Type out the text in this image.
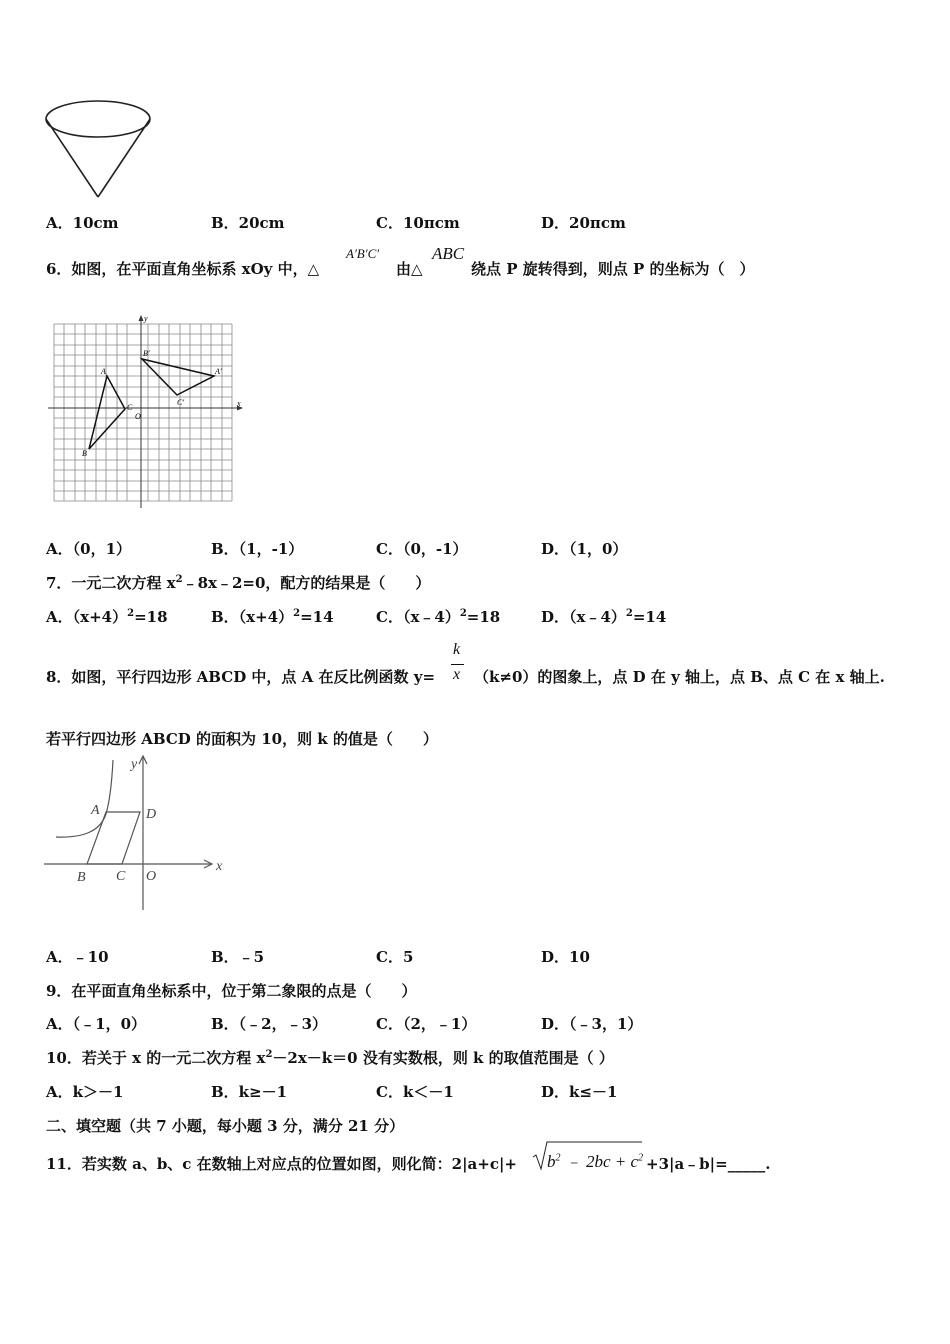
A．10cm	B．20cm	C．10πcm	D．20πcm
6．如图，在平面直角坐标系 xOy 中，△
A′B′C′
由△
ABC
绕点 P 旋转得到，则点 P 的坐标为（　）
A
B
C
O
A′
B′
C′	x
y
A．（0，1）	B．（1，-1）	C．（0，-1）	D．（1，0）
7．一元二次方程 $x^2﹣8x﹣2=0$，配方的结果是（　　）
A．$(x+4)^2=18$	B．$(x+4)^2=14$	C．（x﹣4）$^2$=18	D．（x﹣4）$^2$=14
8．如图，平行四边形 ABCD 中，点 A 在反比例函数 y=
k
x （k≠0）的图象上，点 D 在 y 轴上，点 B、点 C 在 x 轴上.
若平行四边形 ABCD 的面积为 10，则 k 的值是（　　）
A	D
B C O
x
y
A．﹣10	B．﹣5	C．5	D．10
9．在平面直角坐标系中，位于第二象限的点是（　　）
A．（﹣1，0）	B．（﹣2，﹣3）	C．（2，﹣1）	D．（﹣3，1）
10．若关于 x 的一元二次方程 $x^2-2x-k=0$ 没有实数根，则 k 的取值范围是（ ）
A．k＞－1	B．k≥－1	C．k＜－1	D．k≤－1
二、填空题（共 7 小题，每小题 3 分，满分 21 分）
11．若实数 a、b、c 在数轴上对应点的位置如图，则化简：$2|a+c|+ b^2$ ﹣ $2bc + c^2$ +3|a﹣b|=_____.
